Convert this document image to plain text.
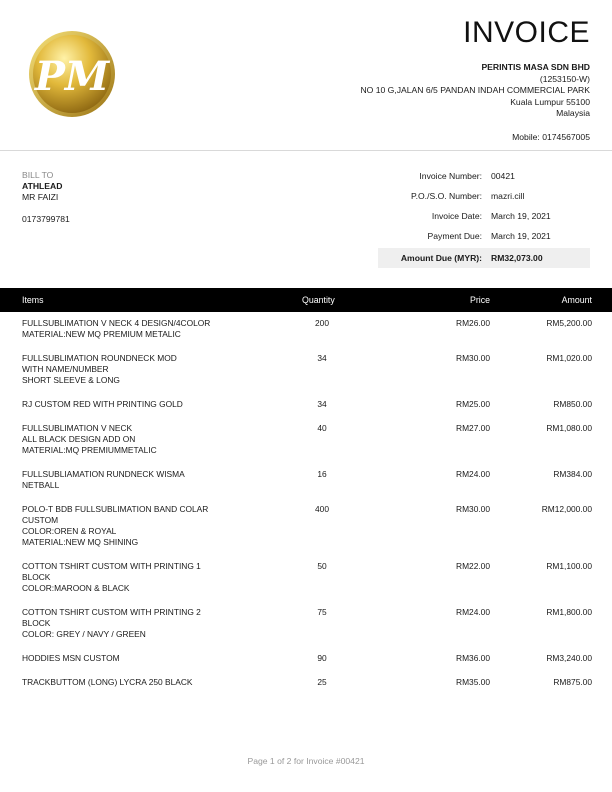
PM
INVOICE
PERINTIS MASA SDN BHD
(1253150-W)
NO 10 G,JALAN 6/5 PANDAN INDAH COMMERCIAL PARK
Kuala Lumpur 55100
Malaysia
Mobile: 0174567005
BILL TO
ATHLEAD
MR FAIZI
0173799781
Invoice Number: 00421
P.O./S.O. Number: mazri.cill
Invoice Date: March 19, 2021
Payment Due: March 19, 2021
Amount Due (MYR): RM32,073.00
Items	Quantity	Price	Amount
FULLSUBLIMATION V NECK 4 DESIGN/4COLOR
MATERIAL:NEW MQ PREMIUM METALIC
200	RM26.00	RM5,200.00
FULLSUBLIMATION ROUNDNECK MOD
WITH NAME/NUMBER
SHORT SLEEVE & LONG
34	RM30.00	RM1,020.00
RJ CUSTOM RED WITH PRINTING GOLD	34	RM25.00	RM850.00
FULLSUBLIMATION V NECK
ALL BLACK DESIGN ADD ON
MATERIAL:MQ PREMIUMMETALIC
40	RM27.00	RM1,080.00
FULLSUBLIAMATION RUNDNECK WISMA
NETBALL
16	RM24.00	RM384.00
POLO-T BDB FULLSUBLIMATION BAND COLAR
CUSTOM
COLOR:OREN & ROYAL
MATERIAL:NEW MQ SHINING
400	RM30.00	RM12,000.00
COTTON TSHIRT CUSTOM WITH PRINTING 1
BLOCK
COLOR:MAROON & BLACK
50	RM22.00	RM1,100.00
COTTON TSHIRT CUSTOM WITH PRINTING 2
BLOCK
COLOR: GREY / NAVY / GREEN
75	RM24.00	RM1,800.00
HODDIES MSN CUSTOM	90	RM36.00	RM3,240.00
TRACKBUTTOM (LONG) LYCRA 250 BLACK	25	RM35.00	RM875.00
Page 1 of 2 for Invoice #00421
